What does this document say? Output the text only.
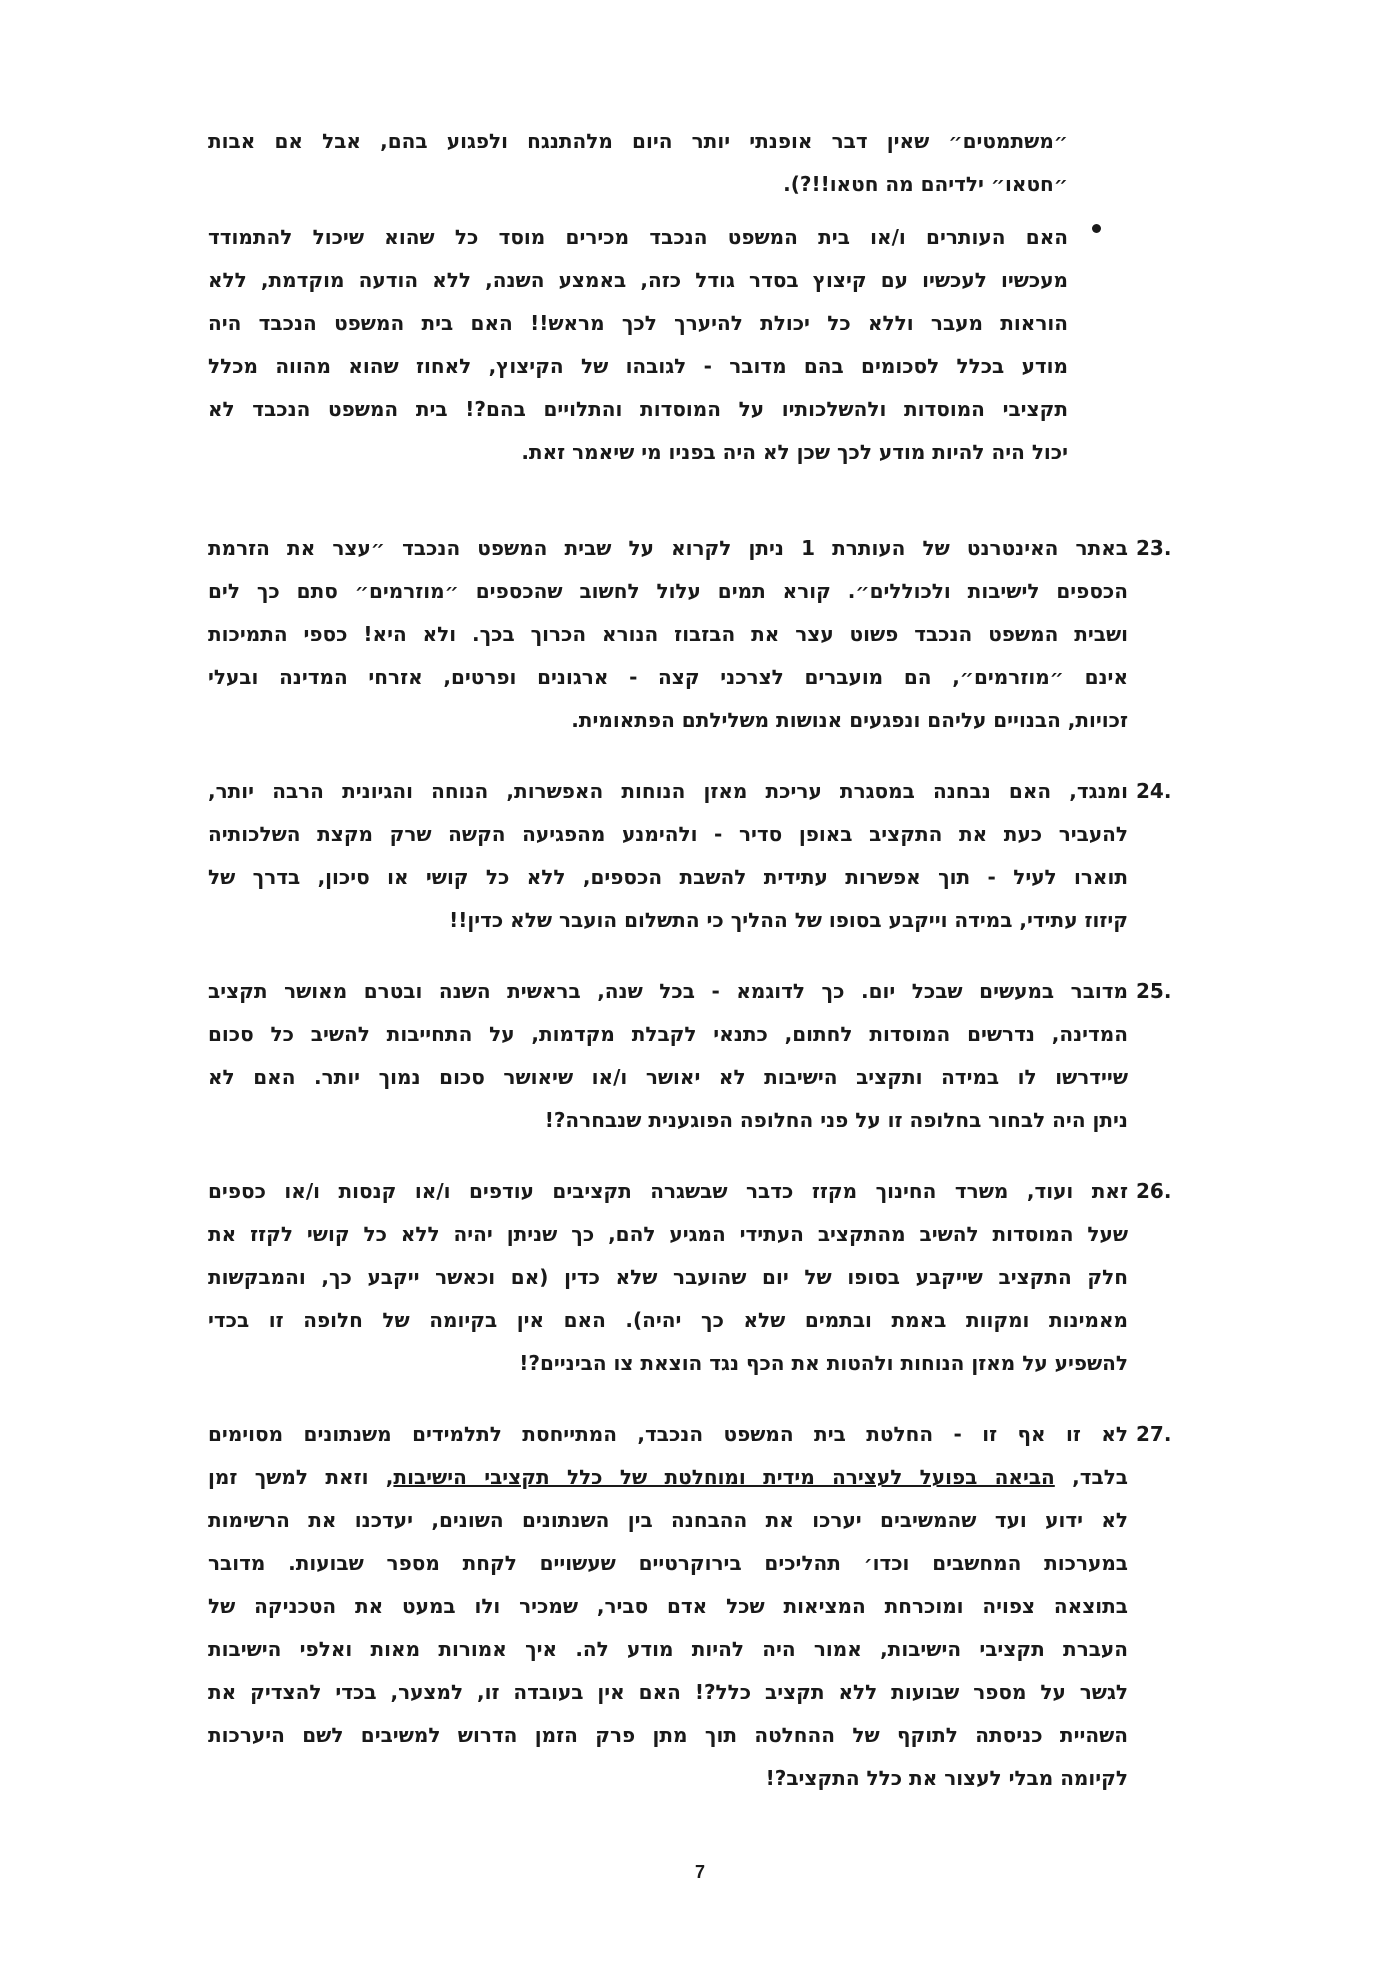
״משתמטים״ שאין דבר אופנתי יותר היום מלהתנגח ולפגוע בהם, אבל אם אבות
״חטאו״ ילדיהם מה חטאו!!?).
האם העותרים ו/או בית המשפט הנכבד מכירים מוסד כל שהוא שיכול להתמודד
מעכשיו לעכשיו עם קיצוץ בסדר גודל כזה, באמצע השנה, ללא הודעה מוקדמת, ללא
הוראות מעבר וללא כל יכולת להיערך לכך מראש!! האם בית המשפט הנכבד היה
מודע בכלל לסכומים בהם מדובר - לגובהו של הקיצוץ, לאחוז שהוא מהווה מכלל
תקציבי המוסדות ולהשלכותיו על המוסדות והתלויים בהם?! בית המשפט הנכבד לא
יכול היה להיות מודע לכך שכן לא היה בפניו מי שיאמר זאת.
23.
באתר האינטרנט של העותרת 1 ניתן לקרוא על שבית המשפט הנכבד ״עצר את הזרמת
הכספים לישיבות ולכוללים״. קורא תמים עלול לחשוב שהכספים ״מוזרמים״ סתם כך לים
ושבית המשפט הנכבד פשוט עצר את הבזבוז הנורא הכרוך בכך. ולא היא! כספי התמיכות
אינם ״מוזרמים״, הם מועברים לצרכני קצה - ארגונים ופרטים, אזרחי המדינה ובעלי
זכויות, הבנויים עליהם ונפגעים אנושות משלילתם הפתאומית.
24.
ומנגד, האם נבחנה במסגרת עריכת מאזן הנוחות האפשרות, הנוחה והגיונית הרבה יותר,
להעביר כעת את התקציב באופן סדיר - ולהימנע מהפגיעה הקשה שרק מקצת השלכותיה
תוארו לעיל - תוך אפשרות עתידית להשבת הכספים, ללא כל קושי או סיכון, בדרך של
קיזוז עתידי, במידה וייקבע בסופו של ההליך כי התשלום הועבר שלא כדין!!
25.
מדובר במעשים שבכל יום. כך לדוגמא - בכל שנה, בראשית השנה ובטרם מאושר תקציב
המדינה, נדרשים המוסדות לחתום, כתנאי לקבלת מקדמות, על התחייבות להשיב כל סכום
שיידרשו לו במידה ותקציב הישיבות לא יאושר ו/או שיאושר סכום נמוך יותר. האם לא
ניתן היה לבחור בחלופה זו על פני החלופה הפוגענית שנבחרה?!
26.
זאת ועוד, משרד החינוך מקזז כדבר שבשגרה תקציבים עודפים ו/או קנסות ו/או כספים
שעל המוסדות להשיב מהתקציב העתידי המגיע להם, כך שניתן יהיה ללא כל קושי לקזז את
חלק התקציב שייקבע בסופו של יום שהועבר שלא כדין (אם וכאשר ייקבע כך, והמבקשות
מאמינות ומקוות באמת ובתמים שלא כך יהיה). האם אין בקיומה של חלופה זו בכדי
להשפיע על מאזן הנוחות ולהטות את הכף נגד הוצאת צו הביניים?!
27.
לא זו אף זו - החלטת בית המשפט הנכבד, המתייחסת לתלמידים משנתונים מסוימים
בלבד, הביאה בפועל לעצירה מידית ומוחלטת של כלל תקציבי הישיבות, וזאת למשך זמן
לא ידוע ועד שהמשיבים יערכו את ההבחנה בין השנתונים השונים, יעדכנו את הרשימות
במערכות המחשבים וכדו׳ תהליכים בירוקרטיים שעשויים לקחת מספר שבועות. מדובר
בתוצאה צפויה ומוכרחת המציאות שכל אדם סביר, שמכיר ולו במעט את הטכניקה של
העברת תקציבי הישיבות, אמור היה להיות מודע לה. איך אמורות מאות ואלפי הישיבות
לגשר על מספר שבועות ללא תקציב כלל?! האם אין בעובדה זו, למצער, בכדי להצדיק את
השהיית כניסתה לתוקף של ההחלטה תוך מתן פרק הזמן הדרוש למשיבים לשם היערכות
לקיומה מבלי לעצור את כלל התקציב?!
7
